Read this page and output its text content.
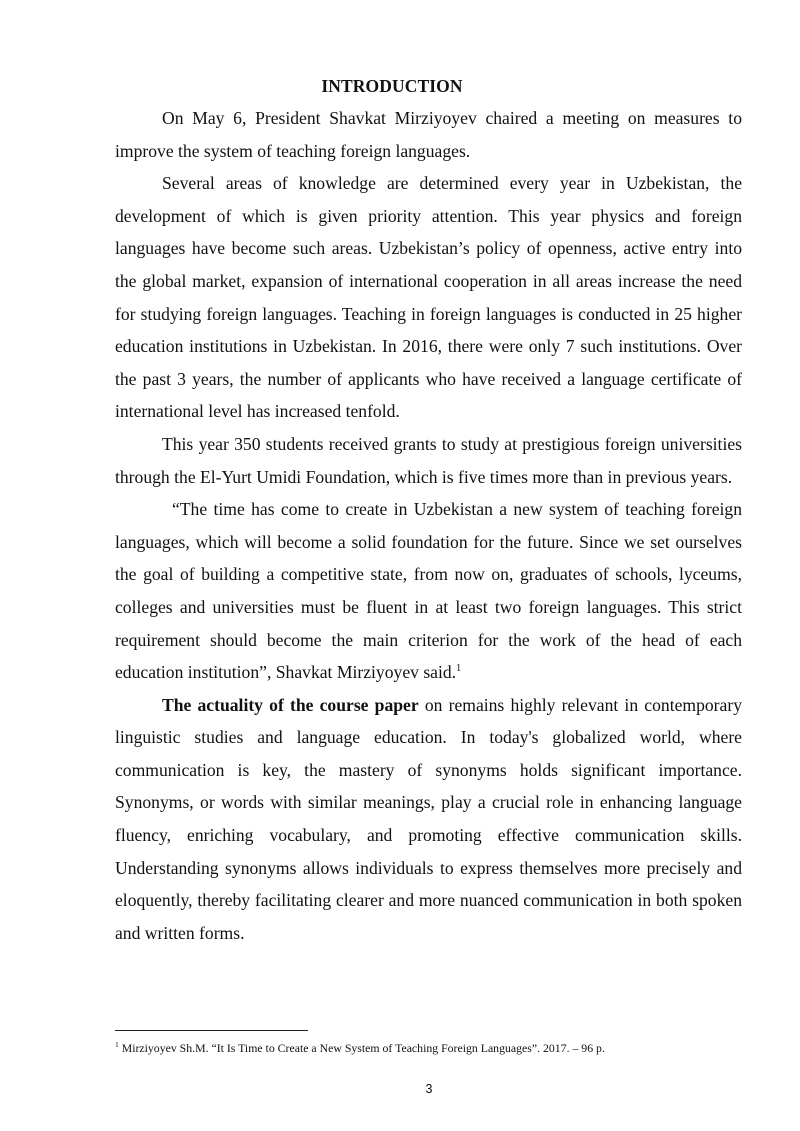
INTRODUCTION

On May 6, President Shavkat Mirziyoyev chaired a meeting on measures to improve the system of teaching foreign languages.

Several areas of knowledge are determined every year in Uzbekistan, the development of which is given priority attention. This year physics and foreign languages have become such areas. Uzbekistan’s policy of openness, active entry into the global market, expansion of international cooperation in all areas increase the need for studying foreign languages. Teaching in foreign languages is conducted in 25 higher education institutions in Uzbekistan. In 2016, there were only 7 such institutions. Over the past 3 years, the number of applicants who have received a language certificate of international level has increased tenfold.

This year 350 students received grants to study at prestigious foreign universities through the El-Yurt Umidi Foundation, which is five times more than in previous years.

“The time has come to create in Uzbekistan a new system of teaching foreign languages, which will become a solid foundation for the future. Since we set ourselves the goal of building a competitive state, from now on, graduates of schools, lyceums, colleges and universities must be fluent in at least two foreign languages. This strict requirement should become the main criterion for the work of the head of each education institution”, Shavkat Mirziyoyev said.$^1$

The actuality of the course paper on remains highly relevant in contemporary linguistic studies and language education. In today's globalized world, where communication is key, the mastery of synonyms holds significant importance. Synonyms, or words with similar meanings, play a crucial role in enhancing language fluency, enriching vocabulary, and promoting effective communication skills. Understanding synonyms allows individuals to express themselves more precisely and eloquently, thereby facilitating clearer and more nuanced communication in both spoken and written forms.

$^1$ Mirziyoyev Sh.M. “It Is Time to Create a New System of Teaching Foreign Languages”. 2017. – 96 p.
3
